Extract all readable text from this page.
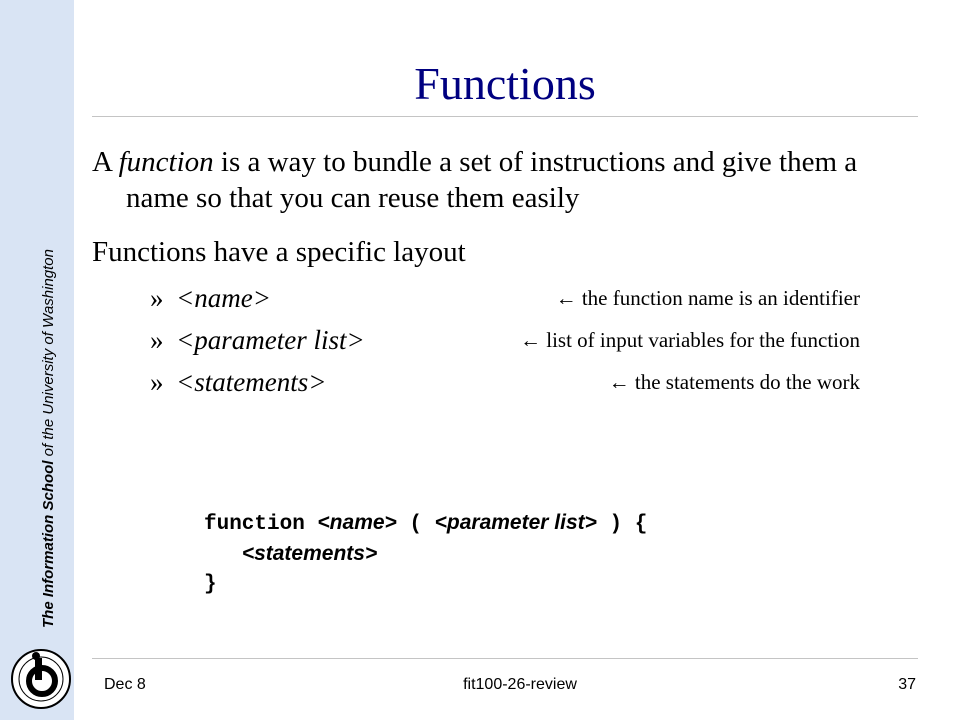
The Information School of the University of Washington
Functions
A function is a way to bundle a set of instructions and give them a name so that you can reuse them easily
Functions have a specific layout
» <name>	← the function name is an identifier
» <parameter list>	← list of input variables for the function
» <statements>	← the statements do the work
function <name> ( <parameter list> ) {
<statements>
}
Dec 8	fit100-26-review	37
